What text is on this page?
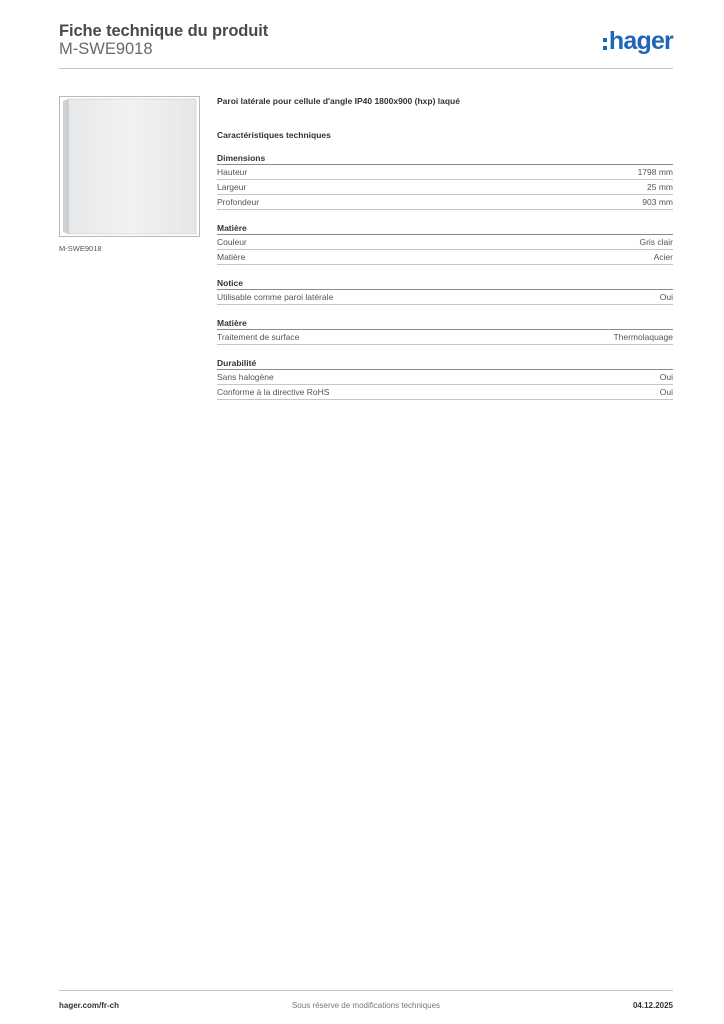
Fiche technique du produit
M-SWE9018	hager
M-SWE9018
Paroi latérale pour cellule d'angle IP40 1800x900 (hxp) laqué
Caractéristiques techniques
Dimensions
Hauteur	1798 mm
Largeur	25 mm
Profondeur	903 mm
Matière
Couleur	Gris clair
Matière	Acier
Notice
Utilisable comme paroi latérale	Oui
Matière
Traitement de surface	Thermolaquage
Durabilité
Sans halogène	Oui
Conforme à la directive RoHS	Oui
hager.com/fr-ch	Sous réserve de modifications techniques	04.12.2025
